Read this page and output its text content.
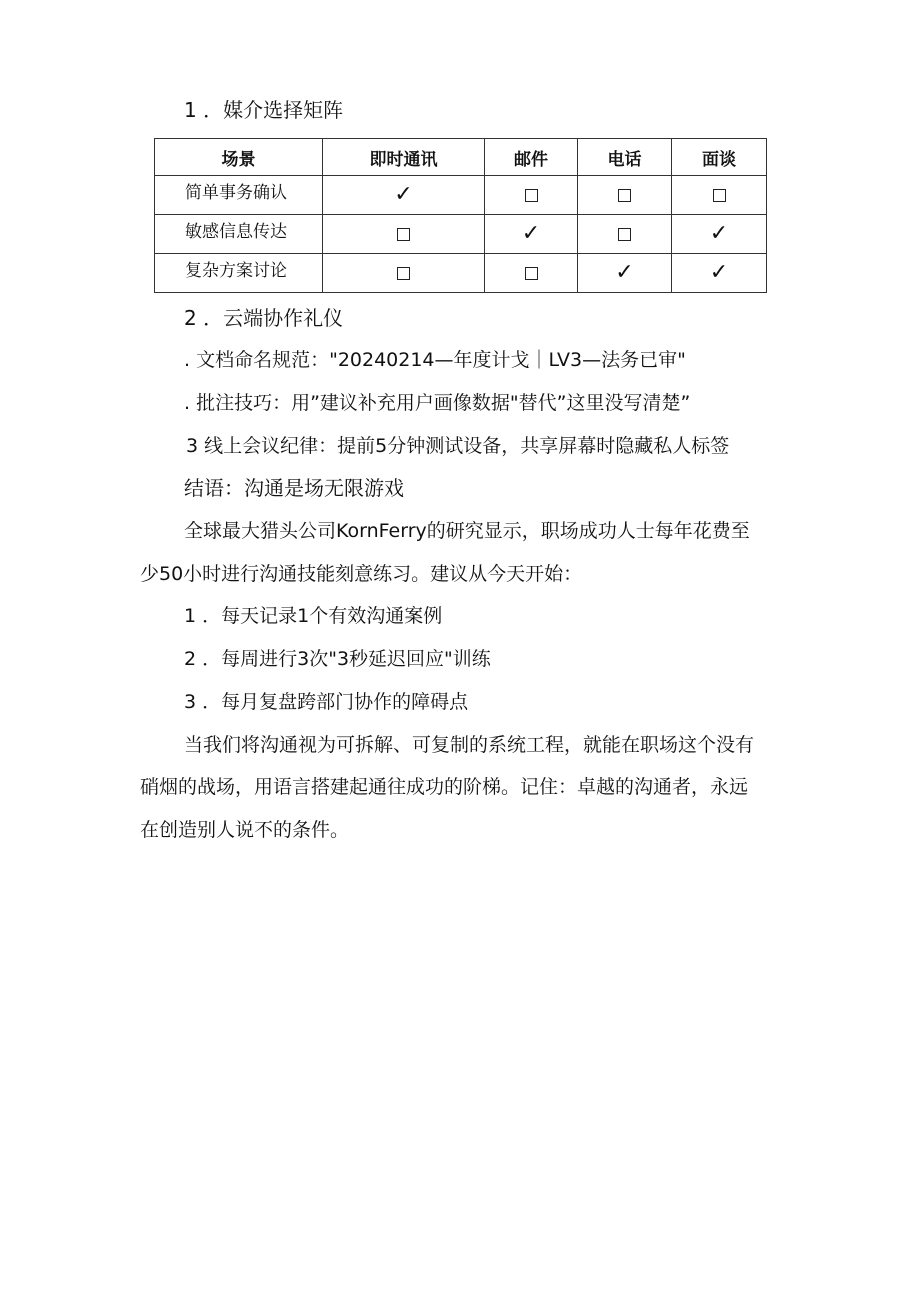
1 ．媒介选择矩阵
场景	即时通讯	邮件	电话	面谈
简单事务确认	✓			
敏感信息传达		✓		✓
复杂方案讨论			✓	✓
2 ．云端协作礼仪
. 文档命名规范："20240214—年度计戈｜LV3—法务已审"
. 批注技巧：用”建议补充用户画像数据"替代”这里没写清楚”
3 线上会议纪律：提前5分钟测试设备，共享屏幕时隐藏私人标签
结语：沟通是场无限游戏
全球最大猎头公司KornFerry的研究显示，职场成功人士每年花费至
少50小时进行沟通技能刻意练习。建议从今天开始：
1 ．每天记录1个有效沟通案例
2 ．每周进行3次"3秒延迟回应"训练
3 ．每月复盘跨部门协作的障碍点
当我们将沟通视为可拆解、可复制的系统工程，就能在职场这个没有
硝烟的战场，用语言搭建起通往成功的阶梯。记住：卓越的沟通者，永远
在创造别人说不的条件。
